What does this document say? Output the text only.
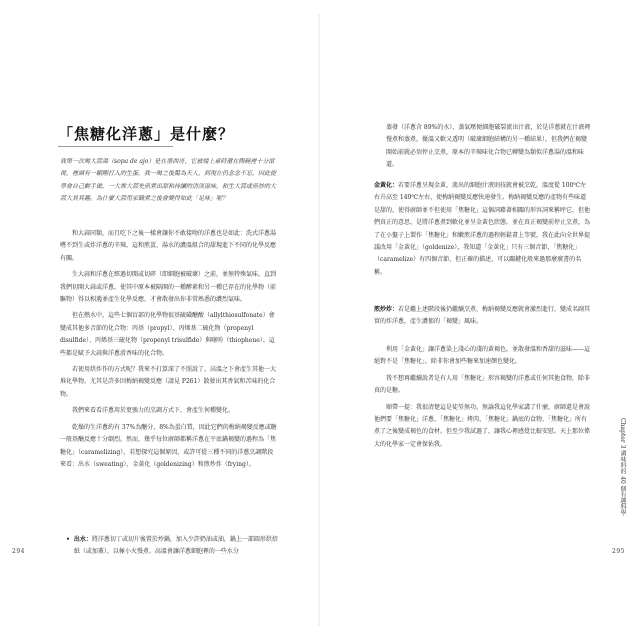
「焦糖化洋蔥」是什麼？

我第一次喝大蒜湯（sopa de ajo）是在墨西哥，它被端上桌時還在陶碗裡十分滾燙，裡頭有一顆剛打入的生蛋。我一喝之後驚為天人，到現在仍念念不忘，因此便學會自己動手做。一大堆大蒜先煎煮出甜和持續的清淡滋味，和生大蒜或煎炒的大蒜大異其趣。為什麼大蒜用家職煮之後會變得如此「足味」呢？

和大蒜同類，而且吃下之後一樣會讓你不敢接吻的洋蔥也是如此：洗式洋蔥湯嚐不到生或炸洋蔥的辛辣，這和煎蛋，湯水的濃溫組合的甜現進下不同的化學反應有關。

生大蒜和洋蔥在經過切開或切碎（即細胞被破壞）之前，並無特殊氣味。直到我們切開大蒜或洋蔥，使其中原本被隔開的一種酵素和另一種已存在的化學物（前驅物）得以相遇並產生化學反應，才會散發出你非常熟悉的濃烈氣味。

但在熱水中，這些七個盲部的化學物很基硫磺醣酸（allylthiosulfonate）會變成其他多音節的化合物：丙基（propyl）、丙烯基二硫化物（propenyl disulfide）、丙烯基三硫化物（propenyl trisulfide）與噻吩（thiophene）。這些都是賦予大蒜與洋蔥滑香味的化合物。

若使用烘炸作的方式呢？我來不打算深了不照說了。高溫之下會產生其他一大堆化學物，尤其是許多因梅納褐變反應（請見 P261）散發出其香氣和苦味的化合物。

我們來看看洋蔥用於更強力的烹調方式下，會產生何種變化。

乾燥的生洋蔥約有 37%為醣分，8%為蛋白質，因此它們的梅納褐變反應或糖一般基醣反應十分劇烈。然而，幾乎每位廚師都稱洋蔥在平底鍋褐變的過程為「焦糖化」（caramelizing），若想探究這個原因，或許可從三種不同的洋蔥烹調階段來看：出水（sweating）、金黃化（goldenizing）和煎炒炸（frying）。

• 出水：將洋蔥切丁或切片後置於炒鍋，加入少許奶油或油，鍋上一部圓形烘焙紙（或加蓋），以極小火慢煮。高溫會讓洋蔥細胞裡的一些水分
294

蒸發（洋蔥含 89%的水），蒸氣壓便細胞破裂流出汁液，於是洋蔥就在汁液裡慢煮和蒸煮，優溫又軟又透明（破壞細胞結構的另一種結果）。但我們在褐變開始前就必須停止烹煮，原本的辛辣味化合物已轉變為類似洋蔥湯的溫和味道。

金黃化：若要洋蔥呈現金黃，流出的細胞汁液則技就會被烹乾，溫度從 100℃左右升高至 149℃左右，使梅納褐變反應快速發生。梅納褐變反應的產物有些味道是甜的，使得廚師並不但使用「焦糖化」這個詞藉著相關的形容詞來稱呼它，但他們真正的意思，是將洋蔥煮到軟化並呈金黃色狀態。並在真正褐變前停止烹煮，為了在小盤子上製作「焦糖化」和嫩煎洋蔥的過程輕鬆畫上等號，我在此向全世界提議改用「金黃化」（goldenize），我知道「金黃化」只有三個音節，「焦糖化」（caramelize）有四個音節，但正確的描述，可以關鍵化般來過那麼廣書的名稱。

煎炒炸：若是繼上述階段後仍繼續烹煮，梅納褐變反應就會激烈進行，變成名副其實的炸洋蔥，產生濃郁的「褐變」風味。

利用「金黃化」讓洋蔥染上淺心的淺的黃褐色，並散發溫和香甜的滋味——這絕對不是「焦糖化」，除非你會加些糖來加速顏色變化。

我不想再繼續說者是有人用「焦糖化」形容褐變的洋蔥或任何其他食物，除非真的是糖。

順帶一提：我很清楚這是徒勞無功。無論我這化學家講了什麼，廚師還是會說他們要「焦糖化」洋蔥、「焦糖化」烤肉、「焦糖化」鍋底的食物、「焦糖化」所有煮了之後變成褐色的食材。但至少我試過了，讓我心裡感覺比較安慰。天上那位偉大的化學家一定會保佑我。	Chapter 3 調味料的 40 個有趣科學
295
